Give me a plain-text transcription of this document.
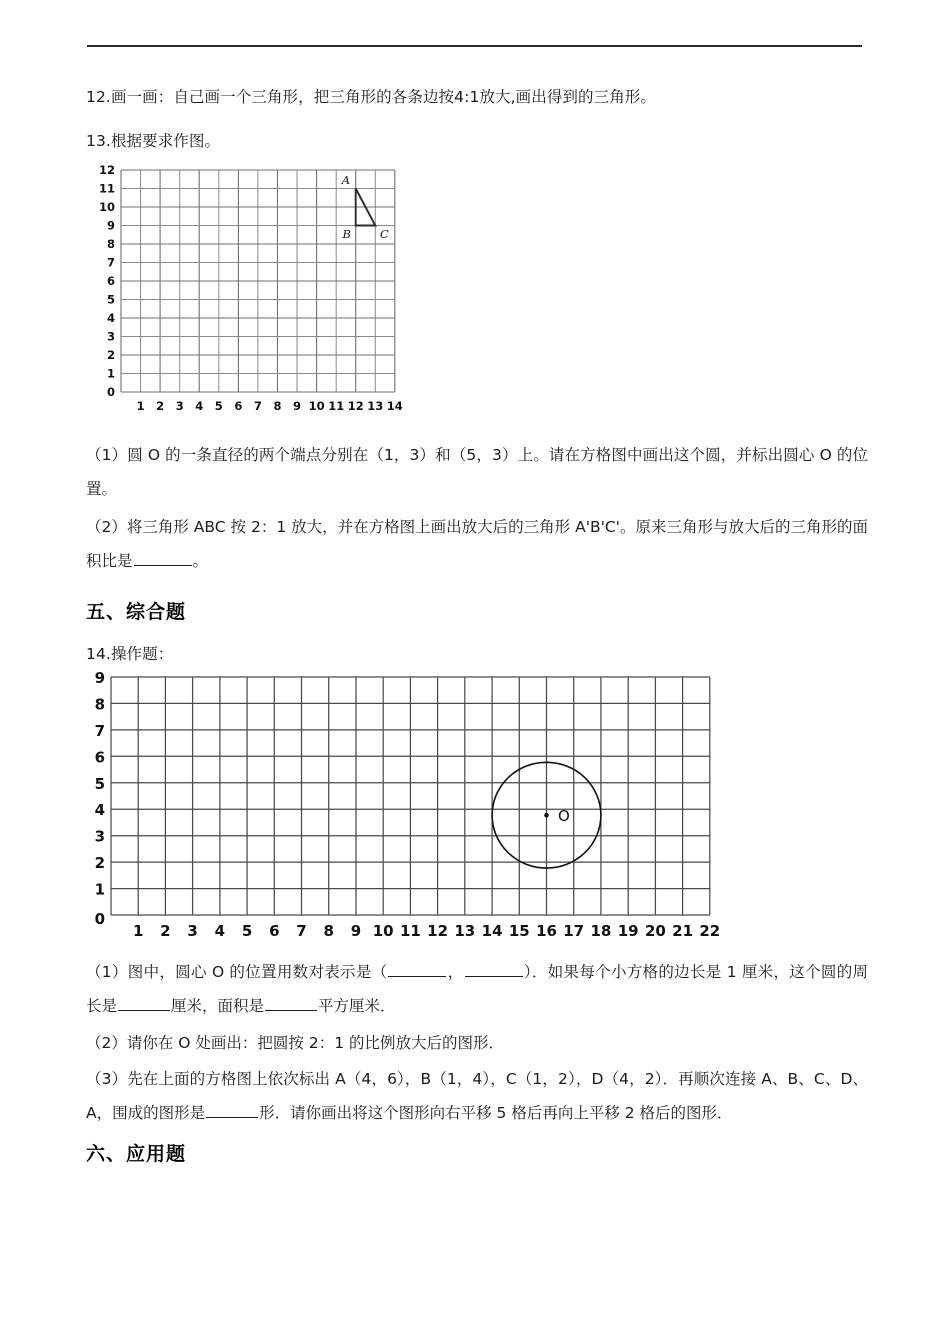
12.画一画：自己画一个三角形，把三角形的各条边按4:1放大,画出得到的三角形。
13.根据要求作图。
12
11
10
9
8
7
6
5
4
3
2
1
0
1 2 3 4 5 6 7 8 9 10 11 12 13 14
A
B	C
（1）圆 O 的一条直径的两个端点分别在（1，3）和（5，3）上。请在方格图中画出这个圆，并标出圆心 O 的位置。
（2）将三角形 ABC 按 2：1 放大，并在方格图上画出放大后的三角形 A'B'C'。原来三角形与放大后的三角形的面积比是	。
五、综合题
14.操作题：
9
8
7
6
5
4
3
2
1
0
1 2 3 4 5 6 7 8 9 10 11 12 13 14 15 16 17 18 19 20 21 22
O
（1）图中，圆心 O 的位置用数对表示是（	，	）．如果每个小方格的边长是 1 厘米，这个圆的周长是	厘米，面积是	平方厘米．
（2）请你在 O 处画出：把圆按 2：1 的比例放大后的图形．
（3）先在上面的方格图上依次标出 A（4，6），B（1，4），C（1，2），D（4，2）．再顺次连接 A、B、C、D、A，围成的图形是	形．请你画出将这个图形向右平移 5 格后再向上平移 2 格后的图形．
六、应用题
